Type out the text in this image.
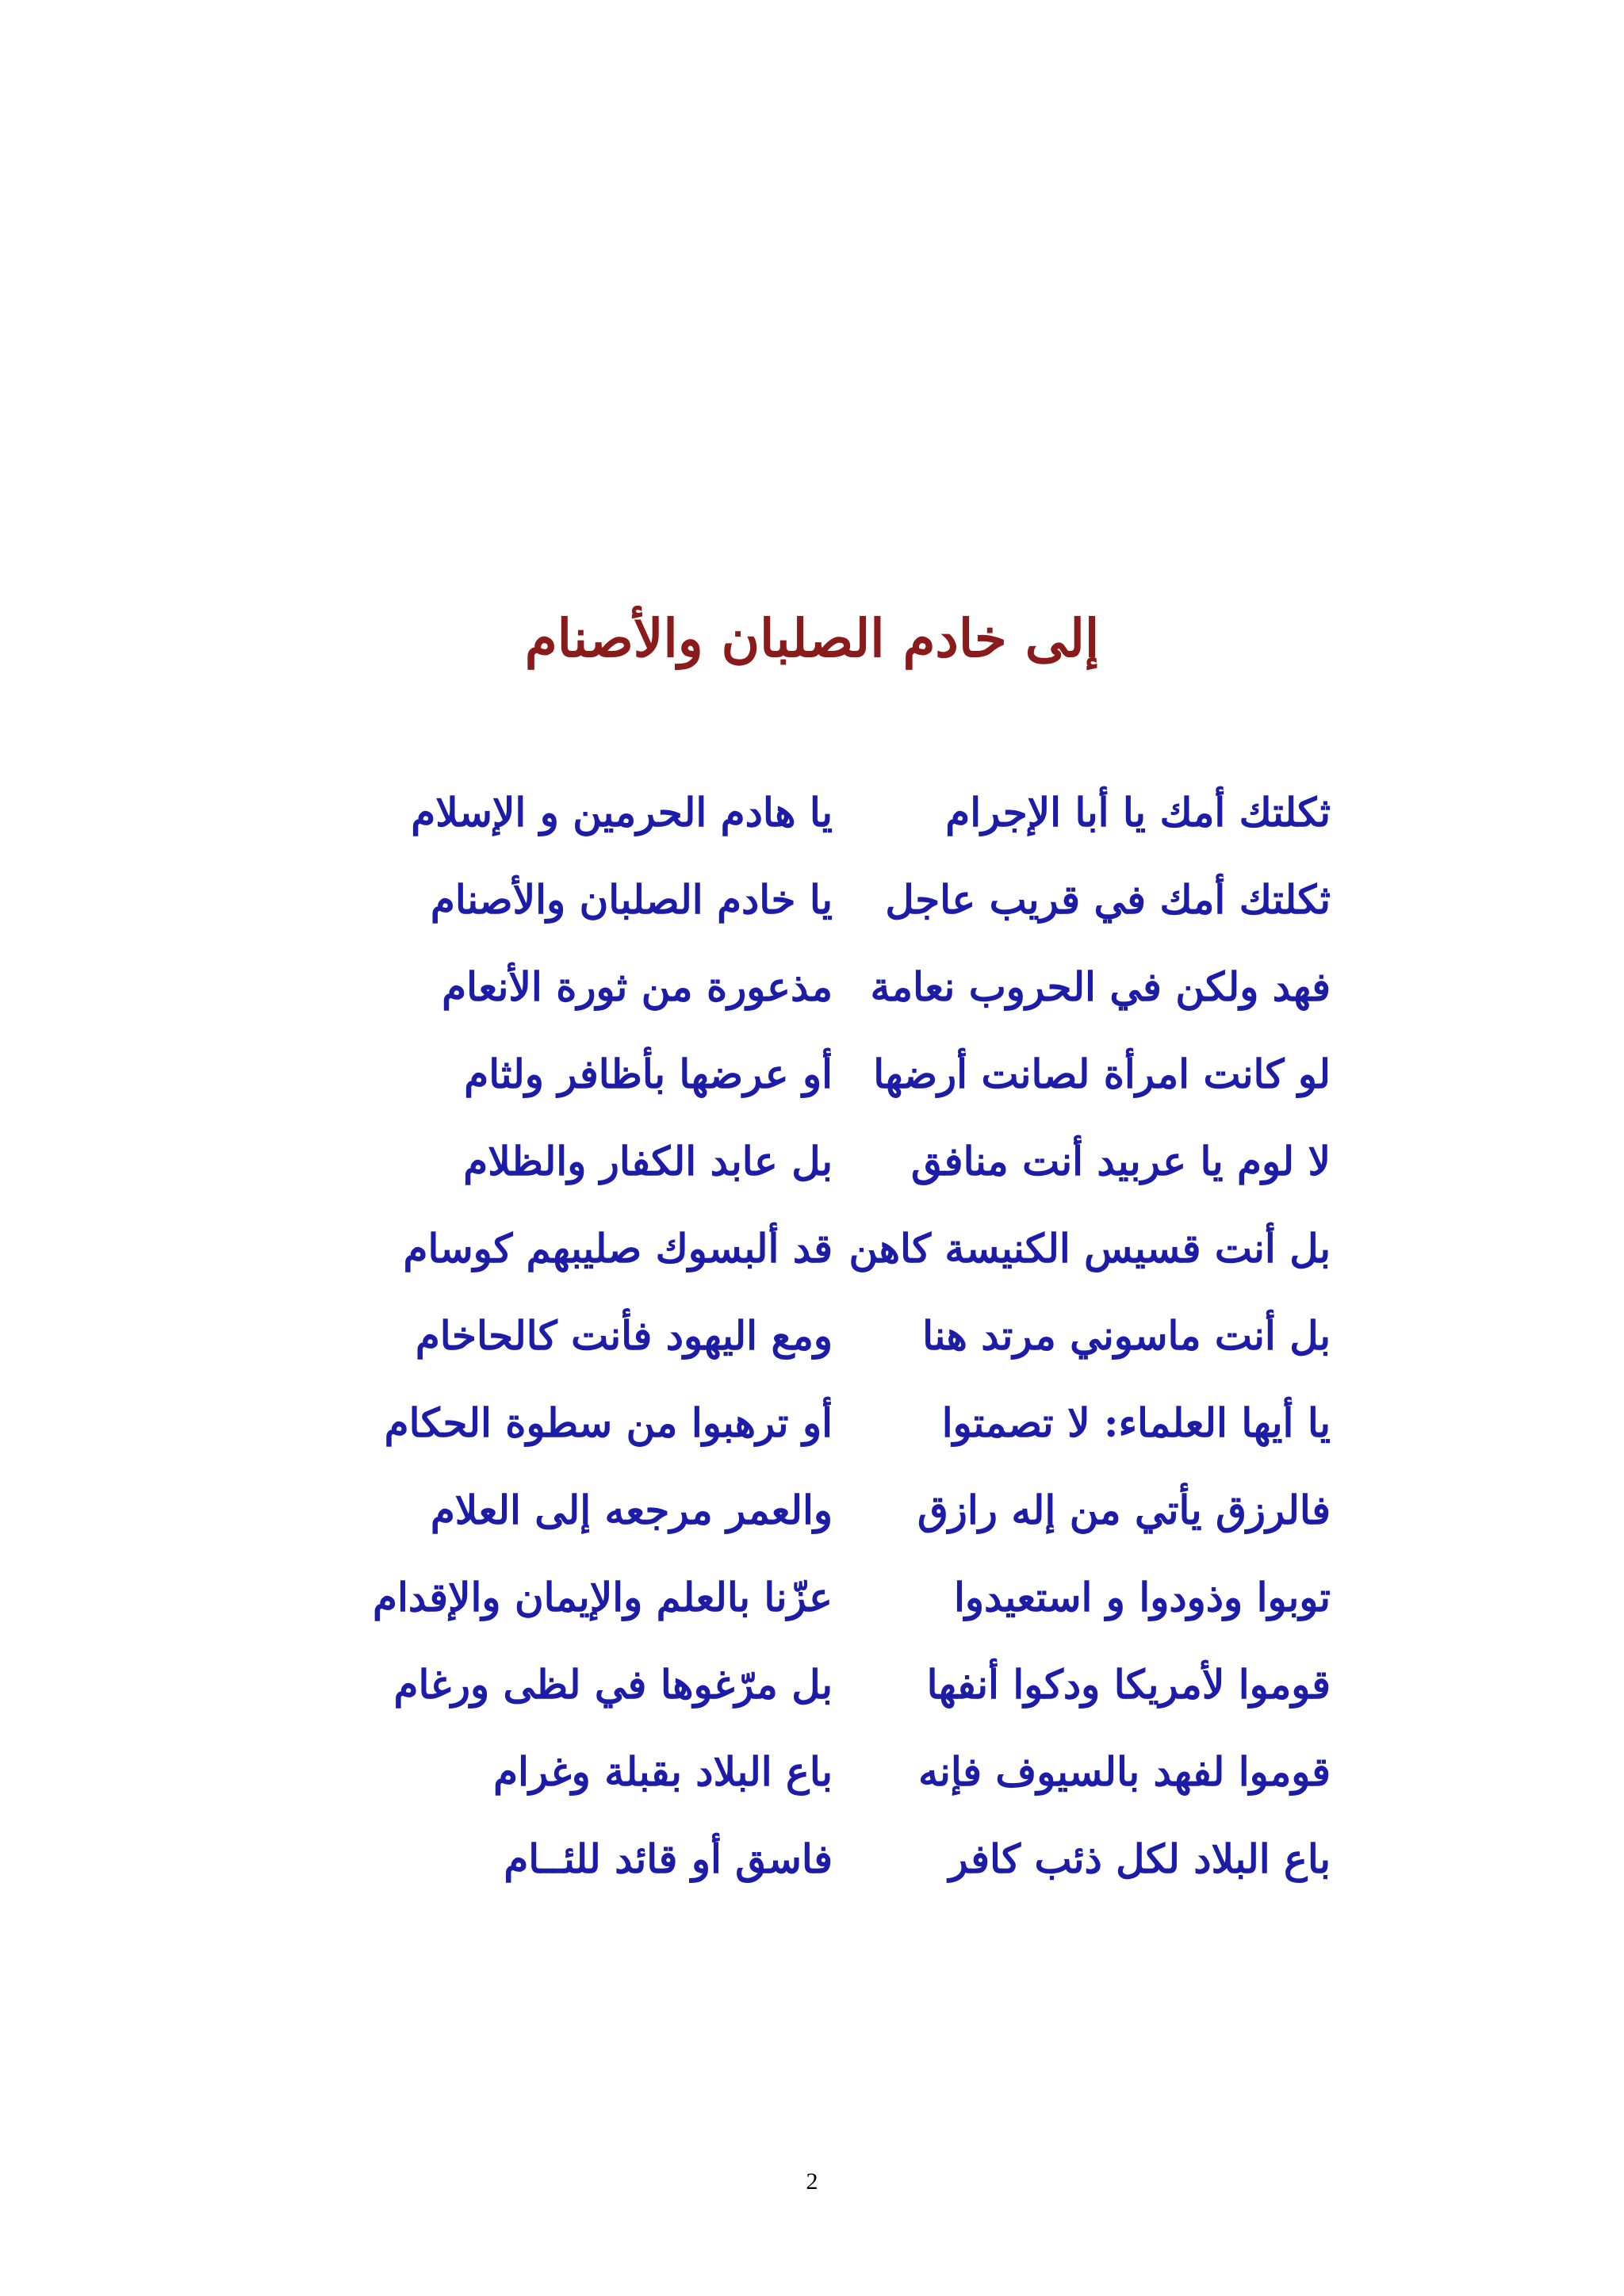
إلى خادم الصلبان والأصنام
ثكلتك أمك يا أبا الإجرام
يا هادم الحرمين و الإسلام
ثكلتك أمك في قريب عاجل
يا خادم الصلبان والأصنام
فهد ولكن في الحروب نعامة
مذعورة من ثورة الأنعام
لو كانت امرأة لصانت أرضها
أو عرضها بأظافر ولثام
لا لوم يا عربيد أنت منافق
بل عابد الكفار والظلام
بل أنت قسيس الكنيسة كاهن
قد ألبسوك صليبهم كوسام
بل أنت ماسوني مرتد هنا
ومع اليهود فأنت كالحاخام
يا أيها العلماء: لا تصمتوا
أو ترهبوا من سطوة الحكام
فالرزق يأتي من إله رازق
والعمر مرجعه إلى العلام
توبوا وذودوا و استعيدوا
عزّنا بالعلم والإيمان والإقدام
قوموا لأمريكا ودكوا أنفها
بل مرّغوها في لظى ورغام
قوموا لفهد بالسيوف فإنه
باع البلاد بقبلة وغرام
باع البلاد لكل ذئب كافر
فاسق أو قائد للئــام
2
